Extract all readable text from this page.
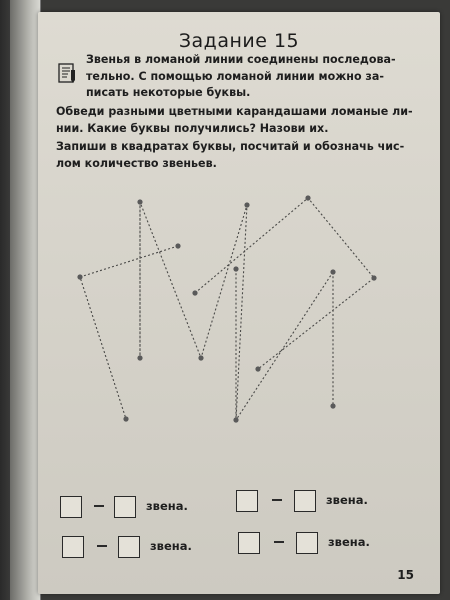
Задание 15

Звенья в ломаной линии соединены последова-тельно. С помощью ломаной линии можно за-писать некоторые буквы.

Обведи разными цветными карандашами ломаные ли-нии. Какие буквы получились? Назови их.

Запиши в квадратах буквы, посчитай и обозначь чис-лом количество звеньев.

звена.	звена.
звена.	звена.
15
